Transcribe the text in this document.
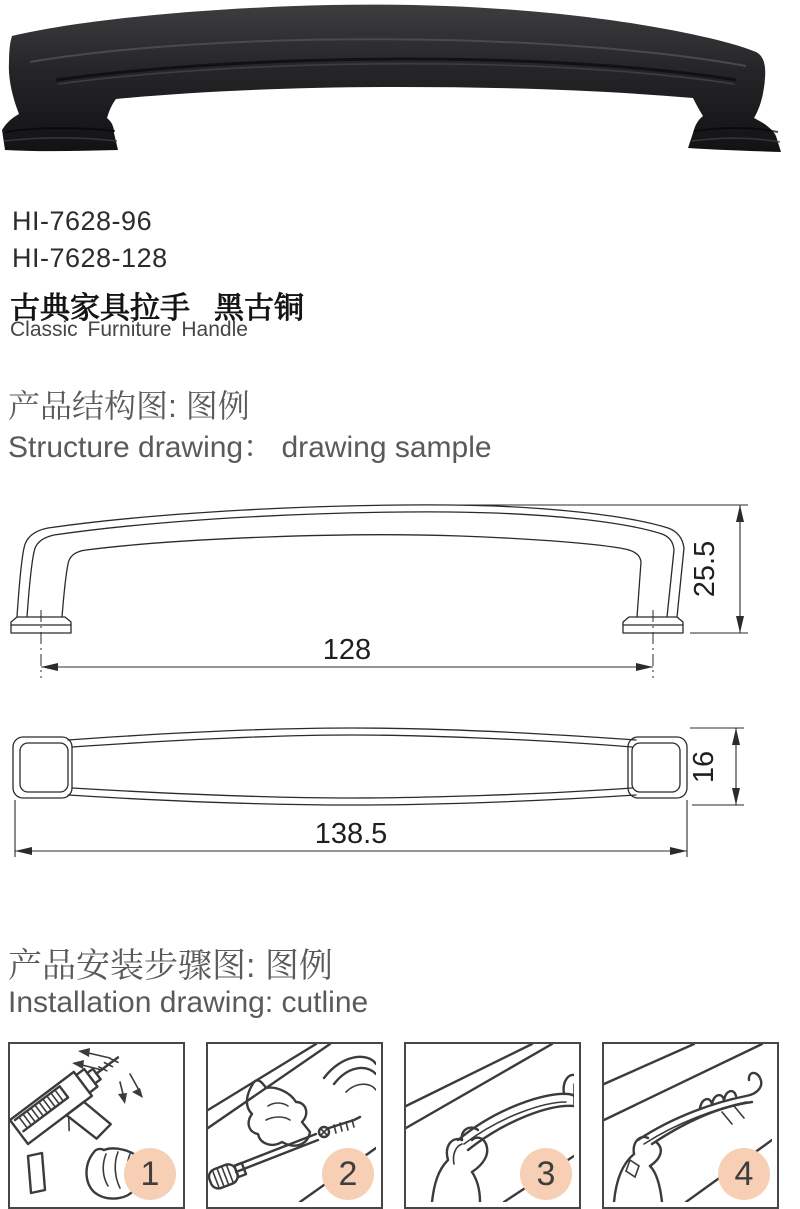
HI-7628-96
HI-7628-128
古典家具拉手 黑古铜
Classic Furniture Handle
产品结构图: 图例
Structure drawing： drawing sample
128
25.5
16
138.5
产品安装步骤图: 图例
Installation drawing: cutline
1	2	3	4
